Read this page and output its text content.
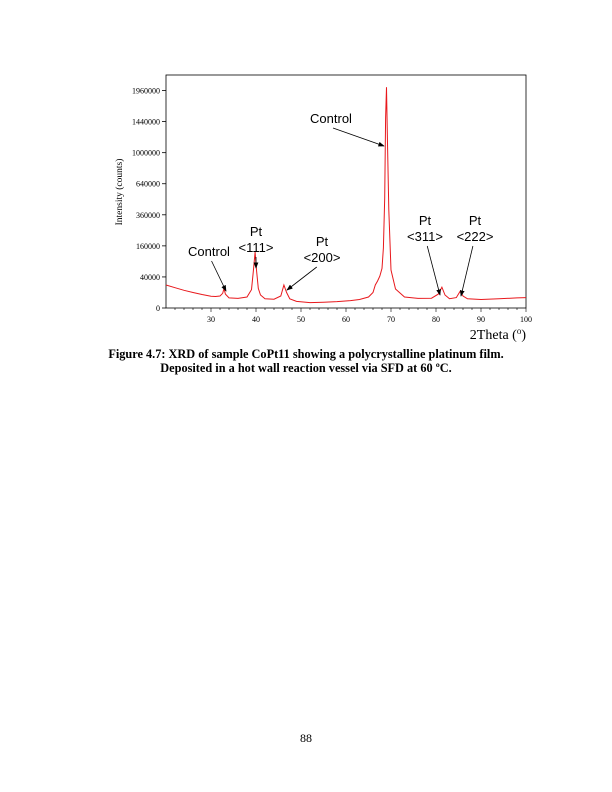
0
40000
160000
360000
640000
1000000
1440000
1960000
30	40	50	60	70	80	90	100
Control
Pt
<111>	Pt
<200>
Control
Pt
<311>
Pt
<222>
Intensity (counts)
2Theta ($^o$)
Figure 4.7: XRD of sample CoPt11 showing a polycrystalline platinum film.
Deposited in a hot wall reaction vessel via SFD at 60 ºC.
88
